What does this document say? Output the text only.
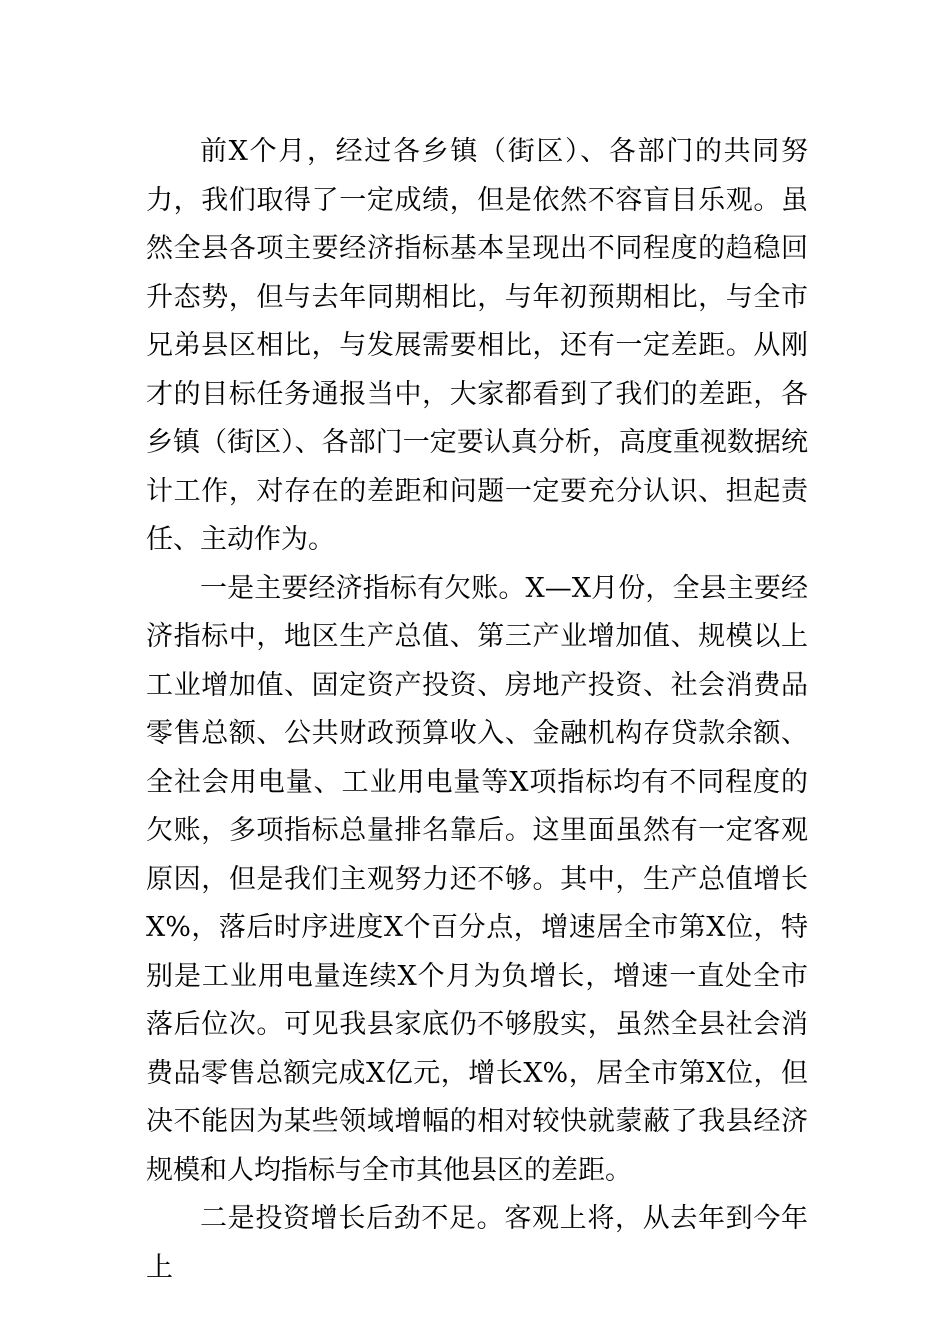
前X个月，经过各乡镇（街区）、各部门的共同努力，我们取得了一定成绩，但是依然不容盲目乐观。虽然全县各项主要经济指标基本呈现出不同程度的趋稳回升态势，但与去年同期相比，与年初预期相比，与全市兄弟县区相比，与发展需要相比，还有一定差距。从刚才的目标任务通报当中，大家都看到了我们的差距，各乡镇（街区）、各部门一定要认真分析，高度重视数据统计工作，对存在的差距和问题一定要充分认识、担起责任、主动作为。

一是主要经济指标有欠账。X—X月份，全县主要经济指标中，地区生产总值、第三产业增加值、规模以上工业增加值、固定资产投资、房地产投资、社会消费品零售总额、公共财政预算收入、金融机构存贷款余额、全社会用电量、工业用电量等X项指标均有不同程度的欠账，多项指标总量排名靠后。这里面虽然有一定客观原因，但是我们主观努力还不够。其中，生产总值增长X%，落后时序进度X个百分点，增速居全市第X位，特别是工业用电量连续X个月为负增长，增速一直处全市落后位次。可见我县家底仍不够殷实，虽然全县社会消费品零售总额完成X亿元，增长X%，居全市第X位，但决不能因为某些领域增幅的相对较快就蒙蔽了我县经济规模和人均指标与全市其他县区的差距。

二是投资增长后劲不足。客观上将，从去年到今年上
